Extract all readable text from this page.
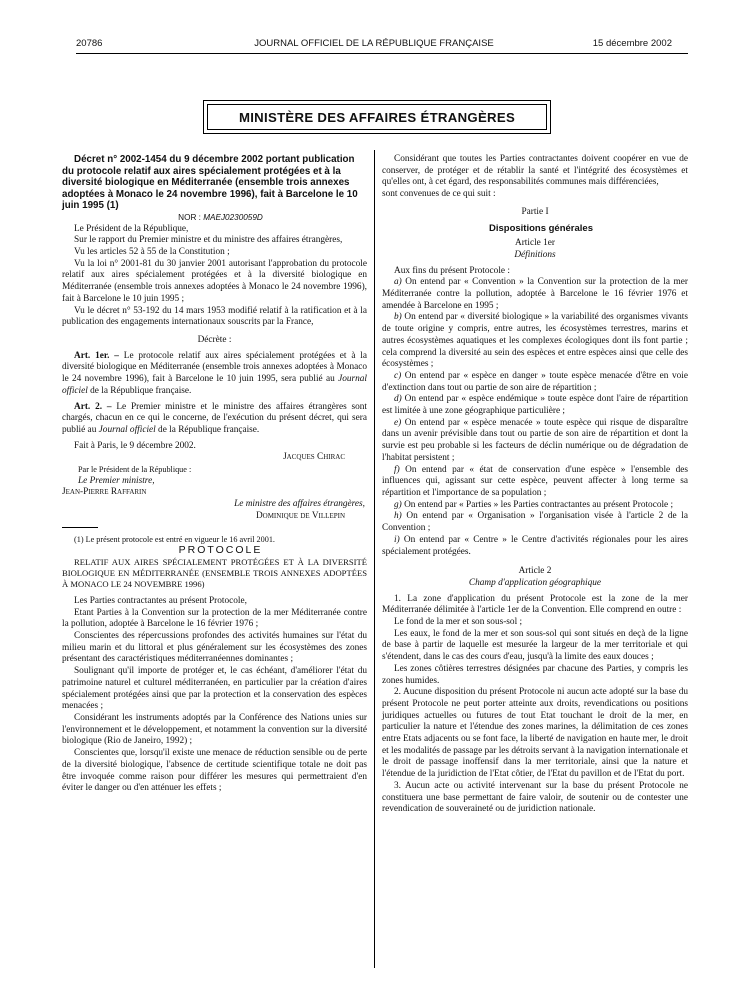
20786	JOURNAL OFFICIEL DE LA RÉPUBLIQUE FRANÇAISE	15 décembre 2002
MINISTÈRE DES AFFAIRES ÉTRANGÈRES

Décret n° 2002-1454 du 9 décembre 2002 portant publication du protocole relatif aux aires spécialement protégées et à la diversité biologique en Méditerranée (ensemble trois annexes adoptées à Monaco le 24 novembre 1996), fait à Barcelone le 10 juin 1995 (1)

NOR : MAEJ0230059D

Le Président de la République,

Sur le rapport du Premier ministre et du ministre des affaires étrangères,

Vu les articles 52 à 55 de la Constitution ;

Vu la loi n° 2001-81 du 30 janvier 2001 autorisant l'approbation du protocole relatif aux aires spécialement protégées et à la diversité biologique en Méditerranée (ensemble trois annexes adoptées à Monaco le 24 novembre 1996), fait à Barcelone le 10 juin 1995 ;

Vu le décret n° 53-192 du 14 mars 1953 modifié relatif à la ratification et à la publication des engagements internationaux souscrits par la France,

Décrète :

Art. 1er. – Le protocole relatif aux aires spécialement protégées et à la diversité biologique en Méditerranée (ensemble trois annexes adoptées à Monaco le 24 novembre 1996), fait à Barcelone le 10 juin 1995, sera publié au Journal officiel de la République française.

Art. 2. – Le Premier ministre et le ministre des affaires étrangères sont chargés, chacun en ce qui le concerne, de l'exécution du présent décret, qui sera publié au Journal officiel de la République française.

Fait à Paris, le 9 décembre 2002.

Jacques Chirac

Par le Président de la République :

Le Premier ministre,

Jean-Pierre Raffarin

Le ministre des affaires étrangères,

Dominique de Villepin

(1) Le présent protocole est entré en vigueur le 16 avril 2001.

PROTOCOLE

RELATIF AUX AIRES SPÉCIALEMENT PROTÉGÉES ET À LA DIVERSITÉ BIOLOGIQUE EN MÉDITERRANÉE (ENSEMBLE TROIS ANNEXES ADOPTÉES À MONACO LE 24 NOVEMBRE 1996)

Les Parties contractantes au présent Protocole,

Etant Parties à la Convention sur la protection de la mer Méditerranée contre la pollution, adoptée à Barcelone le 16 février 1976 ;

Conscientes des répercussions profondes des activités humaines sur l'état du milieu marin et du littoral et plus généralement sur les écosystèmes des zones présentant des caractéristiques méditerranéennes dominantes ;

Soulignant qu'il importe de protéger et, le cas échéant, d'améliorer l'état du patrimoine naturel et culturel méditerranéen, en particulier par la création d'aires spécialement protégées ainsi que par la protection et la conservation des espèces menacées ;

Considérant les instruments adoptés par la Conférence des Nations unies sur l'environnement et le développement, et notamment la convention sur la diversité biologique (Rio de Janeiro, 1992) ;

Conscientes que, lorsqu'il existe une menace de réduction sensible ou de perte de la diversité biologique, l'absence de certitude scientifique totale ne doit pas être invoquée comme raison pour différer les mesures qui permettraient d'en éviter le danger ou d'en atténuer les effets ;

Considérant que toutes les Parties contractantes doivent coopérer en vue de conserver, de protéger et de rétablir la santé et l'intégrité des écosystèmes et qu'elles ont, à cet égard, des responsabilités communes mais différenciées,

sont convenues de ce qui suit :

Partie I

Dispositions générales

Article 1er

Définitions

Aux fins du présent Protocole :

a) On entend par « Convention » la Convention sur la protection de la mer Méditerranée contre la pollution, adoptée à Barcelone le 16 février 1976 et amendée à Barcelone en 1995 ;

b) On entend par « diversité biologique » la variabilité des organismes vivants de toute origine y compris, entre autres, les écosystèmes terrestres, marins et autres écosystèmes aquatiques et les complexes écologiques dont ils font partie ; cela comprend la diversité au sein des espèces et entre espèces ainsi que celle des écosystèmes ;

c) On entend par « espèce en danger » toute espèce menacée d'être en voie d'extinction dans tout ou partie de son aire de répartition ;

d) On entend par « espèce endémique » toute espèce dont l'aire de répartition est limitée à une zone géographique particulière ;

e) On entend par « espèce menacée » toute espèce qui risque de disparaître dans un avenir prévisible dans tout ou partie de son aire de répartition et dont la survie est peu probable si les facteurs de déclin numérique ou de dégradation de l'habitat persistent ;

f) On entend par « état de conservation d'une espèce » l'ensemble des influences qui, agissant sur cette espèce, peuvent affecter à long terme sa répartition et l'importance de sa population ;

g) On entend par « Parties » les Parties contractantes au présent Protocole ;

h) On entend par « Organisation » l'organisation visée à l'article 2 de la Convention ;

i) On entend par « Centre » le Centre d'activités régionales pour les aires spécialement protégées.

Article 2

Champ d'application géographique

1. La zone d'application du présent Protocole est la zone de la mer Méditerranée délimitée à l'article 1er de la Convention. Elle comprend en outre :

Le fond de la mer et son sous-sol ;

Les eaux, le fond de la mer et son sous-sol qui sont situés en deçà de la ligne de base à partir de laquelle est mesurée la largeur de la mer territoriale et qui s'étendent, dans le cas des cours d'eau, jusqu'à la limite des eaux douces ;

Les zones côtières terrestres désignées par chacune des Parties, y compris les zones humides.

2. Aucune disposition du présent Protocole ni aucun acte adopté sur la base du présent Protocole ne peut porter atteinte aux droits, revendications ou positions juridiques actuelles ou futures de tout Etat touchant le droit de la mer, en particulier la nature et l'étendue des zones marines, la délimitation de ces zones entre Etats adjacents ou se font face, la liberté de navigation en haute mer, le droit et les modalités de passage par les détroits servant à la navigation internationale et le droit de passage inoffensif dans la mer territoriale, ainsi que la nature et l'étendue de la juridiction de l'Etat côtier, de l'Etat du pavillon et de l'Etat du port.

3. Aucun acte ou activité intervenant sur la base du présent Protocole ne constituera une base permettant de faire valoir, de soutenir ou de contester une revendication de souveraineté ou de juridiction nationale.
